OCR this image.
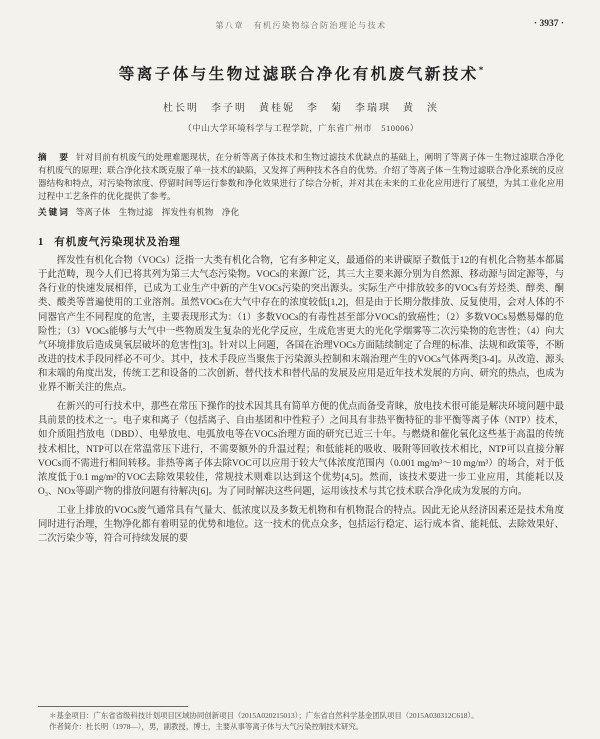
第八章　有机污染物综合防治理论与技术	· 3937 ·
等离子体与生物过滤联合净化有机废气新技术*
杜长明　李子明　黄桂妮　李　菊　李瑞琪　黄　浃
（中山大学环境科学与工程学院，广东省广州市　510006）
摘　要 针对目前有机废气的处理难题现状，在分析等离子体技术和生物过滤技术优缺点的基础上，阐明了等离子体－生物过滤联合净化有机废气的原理；联合净化技术既克服了单一技术的缺陷，又发挥了两种技术各自的优势。介绍了等离子体－生物过滤联合净化系统的反应器结构和特点，对污染物浓度、停留时间等运行参数和净化效果进行了综合分析，并对其在未来的工业化应用进行了展望，为其工业化应用过程中工艺条件的优化提供了参考。
关键词 等离子体　生物过滤　挥发性有机物　净化
1 有机废气污染现状及治理

挥发性有机化合物（VOCs）泛指一大类有机化合物，它有多种定义，最通俗的来讲碳原子数低于12的有机化合物基本都属于此范畴，现今人们已将其列为第三大气态污染物。VOCs的来源广泛，其三大主要来源分别为自然源、移动源与固定源等，与各行业的快速发展相伴，已成为工业生产中新的产生VOCs污染的突出源头。实际生产中排放较多的VOCs有芳烃类、醇类、酮类、酸类等普遍使用的工业溶剂。虽然VOCs在大气中存在的浓度较低[1,2]，但是由于长期分散排放、反复使用，会对人体的不同器官产生不同程度的危害，主要表现形式为：（1）多数VOCs的有毒性甚至部分VOCs的致癌性；（2）多数VOCs易燃易爆的危险性；（3）VOCs能够与大气中一些物质发生复杂的光化学反应，生成危害更大的光化学烟雾等二次污染物的危害性；（4）向大气环境排放后造成臭氧层破坏的危害性[3]。针对以上问题，各国在治理VOCs方面陆续制定了合理的标准、法规和政策等，不断改进的技术手段同样必不可少。其中，技术手段应当聚焦于污染源头控制和末端治理产生的VOCs气体两类[3-4]。从改造、源头和末端的角度出发，传统工艺和设备的二次创新、替代技术和替代品的发展及应用是近年技术发展的方向、研究的热点，也成为业界不断关注的焦点。

在新兴的可行技术中，那些在常压下操作的技术因其具有简单方便的优点而备受青睐，放电技术很可能是解决环境问题中最具前景的技术之一。电子束和离子（包括离子、自由基团和中性粒子）之间具有非热平衡特征的非平衡等离子体（NTP）技术，如介质阻挡放电（DBD）、电晕放电、电弧放电等在VOCs治理方面的研究已近三十年。与燃烧和催化氧化这些基于高温的传统技术相比，NTP可以在常温常压下进行，不需要额外的升温过程；和低能耗的吸收、吸附等回收技术相比，NTP可以直接分解VOCs而不需进行相间转移。非热等离子体去除VOC可以应用于较大气体浓度范围内（0.001 mg/m³～10 mg/m³）的场合，对于低浓度低于0.1 mg/m³的VOC去除效果较佳，常规技术则难以达到这个优势[4,5]。然而，该技术要进一步工业应用，其能耗以及O₃、NOx等副产物的排放问题有待解决[6]。为了同时解决这些问题，运用该技术与其它技术联合净化成为发展的方向。

工业上排放的VOCs废气通常具有气量大、低浓度以及多数无机物和有机物混合的特点。因此无论从经济因素还是技术角度同时进行治理，生物净化都有着明显的优势和地位。这一技术的优点众多，包括运行稳定、运行成本省、能耗低、去除效果好、二次污染少等，符合可持续发展的要

＊基金项目：广东省省级科技计划项目区域协同创新项目（2015A020215013）；广东省自然科学基金团队项目（2015A030312C618）。
作者简介：杜长明（1978—），男，副教授，博士，主要从事等离子体与大气污染控制技术研究。
